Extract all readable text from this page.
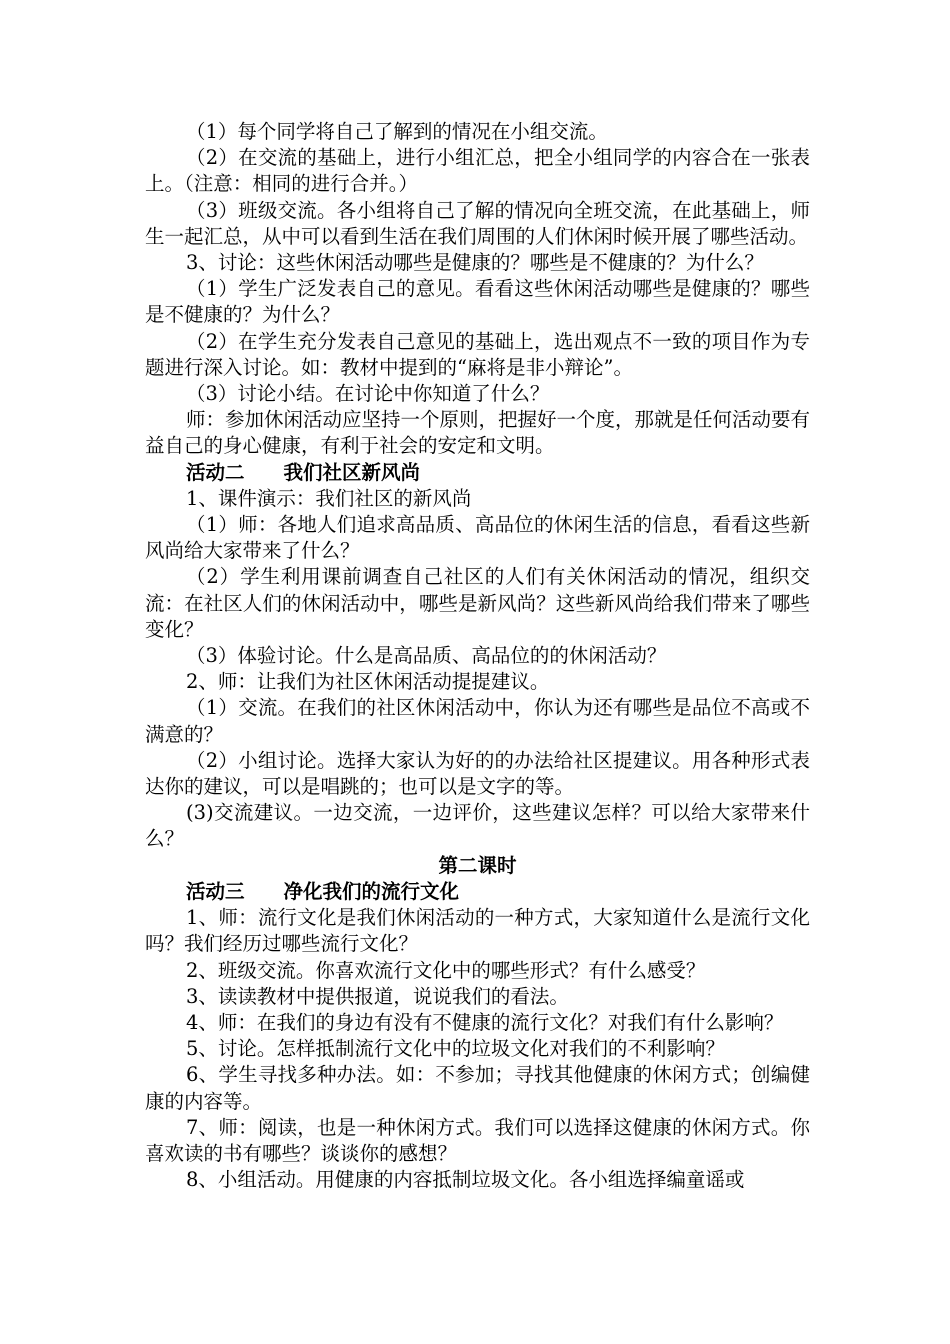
（1）每个同学将自己了解到的情况在小组交流。

（2）在交流的基础上，进行小组汇总，把全小组同学的内容合在一张表上。（注意：相同的进行合并。）

（3）班级交流。各小组将自己了解的情况向全班交流，在此基础上，师生一起汇总，从中可以看到生活在我们周围的人们休闲时候开展了哪些活动。

3、讨论：这些休闲活动哪些是健康的？哪些是不健康的？为什么？

（1）学生广泛发表自己的意见。看看这些休闲活动哪些是健康的？哪些是不健康的？为什么？

（2）在学生充分发表自己意见的基础上，选出观点不一致的项目作为专题进行深入讨论。如：教材中提到的“麻将是非小辩论”。

（3）讨论小结。在讨论中你知道了什么？

师：参加休闲活动应坚持一个原则，把握好一个度，那就是任何活动要有益自己的身心健康，有利于社会的安定和文明。

活动二　　我们社区新风尚

1、课件演示：我们社区的新风尚

（1）师：各地人们追求高品质、高品位的休闲生活的信息，看看这些新风尚给大家带来了什么？

（2）学生利用课前调查自己社区的人们有关休闲活动的情况，组织交流：在社区人们的休闲活动中，哪些是新风尚？这些新风尚给我们带来了哪些变化？

（3）体验讨论。什么是高品质、高品位的的休闲活动？

2、师：让我们为社区休闲活动提提建议。

（1）交流。在我们的社区休闲活动中，你认为还有哪些是品位不高或不满意的？

（2）小组讨论。选择大家认为好的的办法给社区提建议。用各种形式表达你的建议，可以是唱跳的；也可以是文字的等。

(3)交流建议。一边交流，一边评价，这些建议怎样？可以给大家带来什么？

第二课时

活动三　　净化我们的流行文化

1、师：流行文化是我们休闲活动的一种方式，大家知道什么是流行文化吗？我们经历过哪些流行文化？

2、班级交流。你喜欢流行文化中的哪些形式？有什么感受？

3、读读教材中提供报道，说说我们的看法。

4、师：在我们的身边有没有不健康的流行文化？对我们有什么影响？

5、讨论。怎样抵制流行文化中的垃圾文化对我们的不利影响？

6、学生寻找多种办法。如：不参加；寻找其他健康的休闲方式；创编健康的内容等。

7、师：阅读，也是一种休闲方式。我们可以选择这健康的休闲方式。你喜欢读的书有哪些？谈谈你的感想？

8、小组活动。用健康的内容抵制垃圾文化。各小组选择编童谣或
